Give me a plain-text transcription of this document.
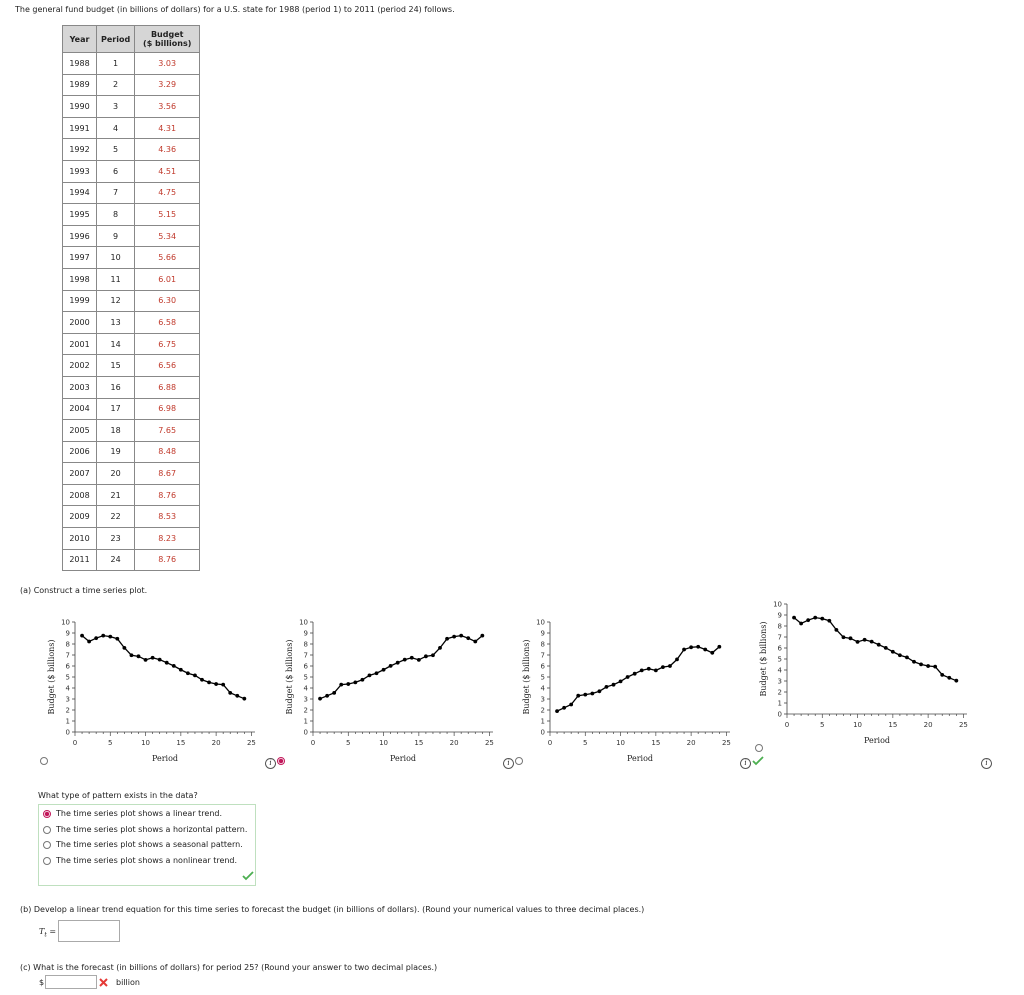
The general fund budget (in billions of dollars) for a U.S. state for 1988 (period 1) to 2011 (period 24) follows.
Year	Period	Budget
($ billions)
1988	1	3.03
1989	2	3.29
1990	3	3.56
1991	4	4.31
1992	5	4.36
1993	6	4.51
1994	7	4.75
1995	8	5.15
1996	9	5.34
1997	10	5.66
1998	11	6.01
1999	12	6.30
2000	13	6.58
2001	14	6.75
2002	15	6.56
2003	16	6.88
2004	17	6.98
2005	18	7.65
2006	19	8.48
2007	20	8.67
2008	21	8.76
2009	22	8.53
2010	23	8.23
2011	24	8.76
(a) Construct a time series plot.
0
1
2
3
4
5
6
7
8
9
10
0	5	10	15	20	25
Period
Budget ($ billions)
0
1
2
3
4
5
6
7
8
9
10
0	5	10	15	20	25
Period
Budget ($ billions)
i
0
1
2
3
4
5
6
7
8
9
10
0	5	10	15	20	25
Period
Budget ($ billions)
i
0
1
2
3
4
5
6
7
8
9
10
0	5	10	15	20	25
Period
Budget ($ billions)
i	i
What type of pattern exists in the data?
The time series plot shows a linear trend.
The time series plot shows a horizontal pattern.
The time series plot shows a seasonal pattern.
The time series plot shows a nonlinear trend.
(b) Develop a linear trend equation for this time series to forecast the budget (in billions of dollars). (Round your numerical values to three decimal places.)
$T_t$ =
(c) What is the forecast (in billions of dollars) for period 25? (Round your answer to two decimal places.)
$	billion
